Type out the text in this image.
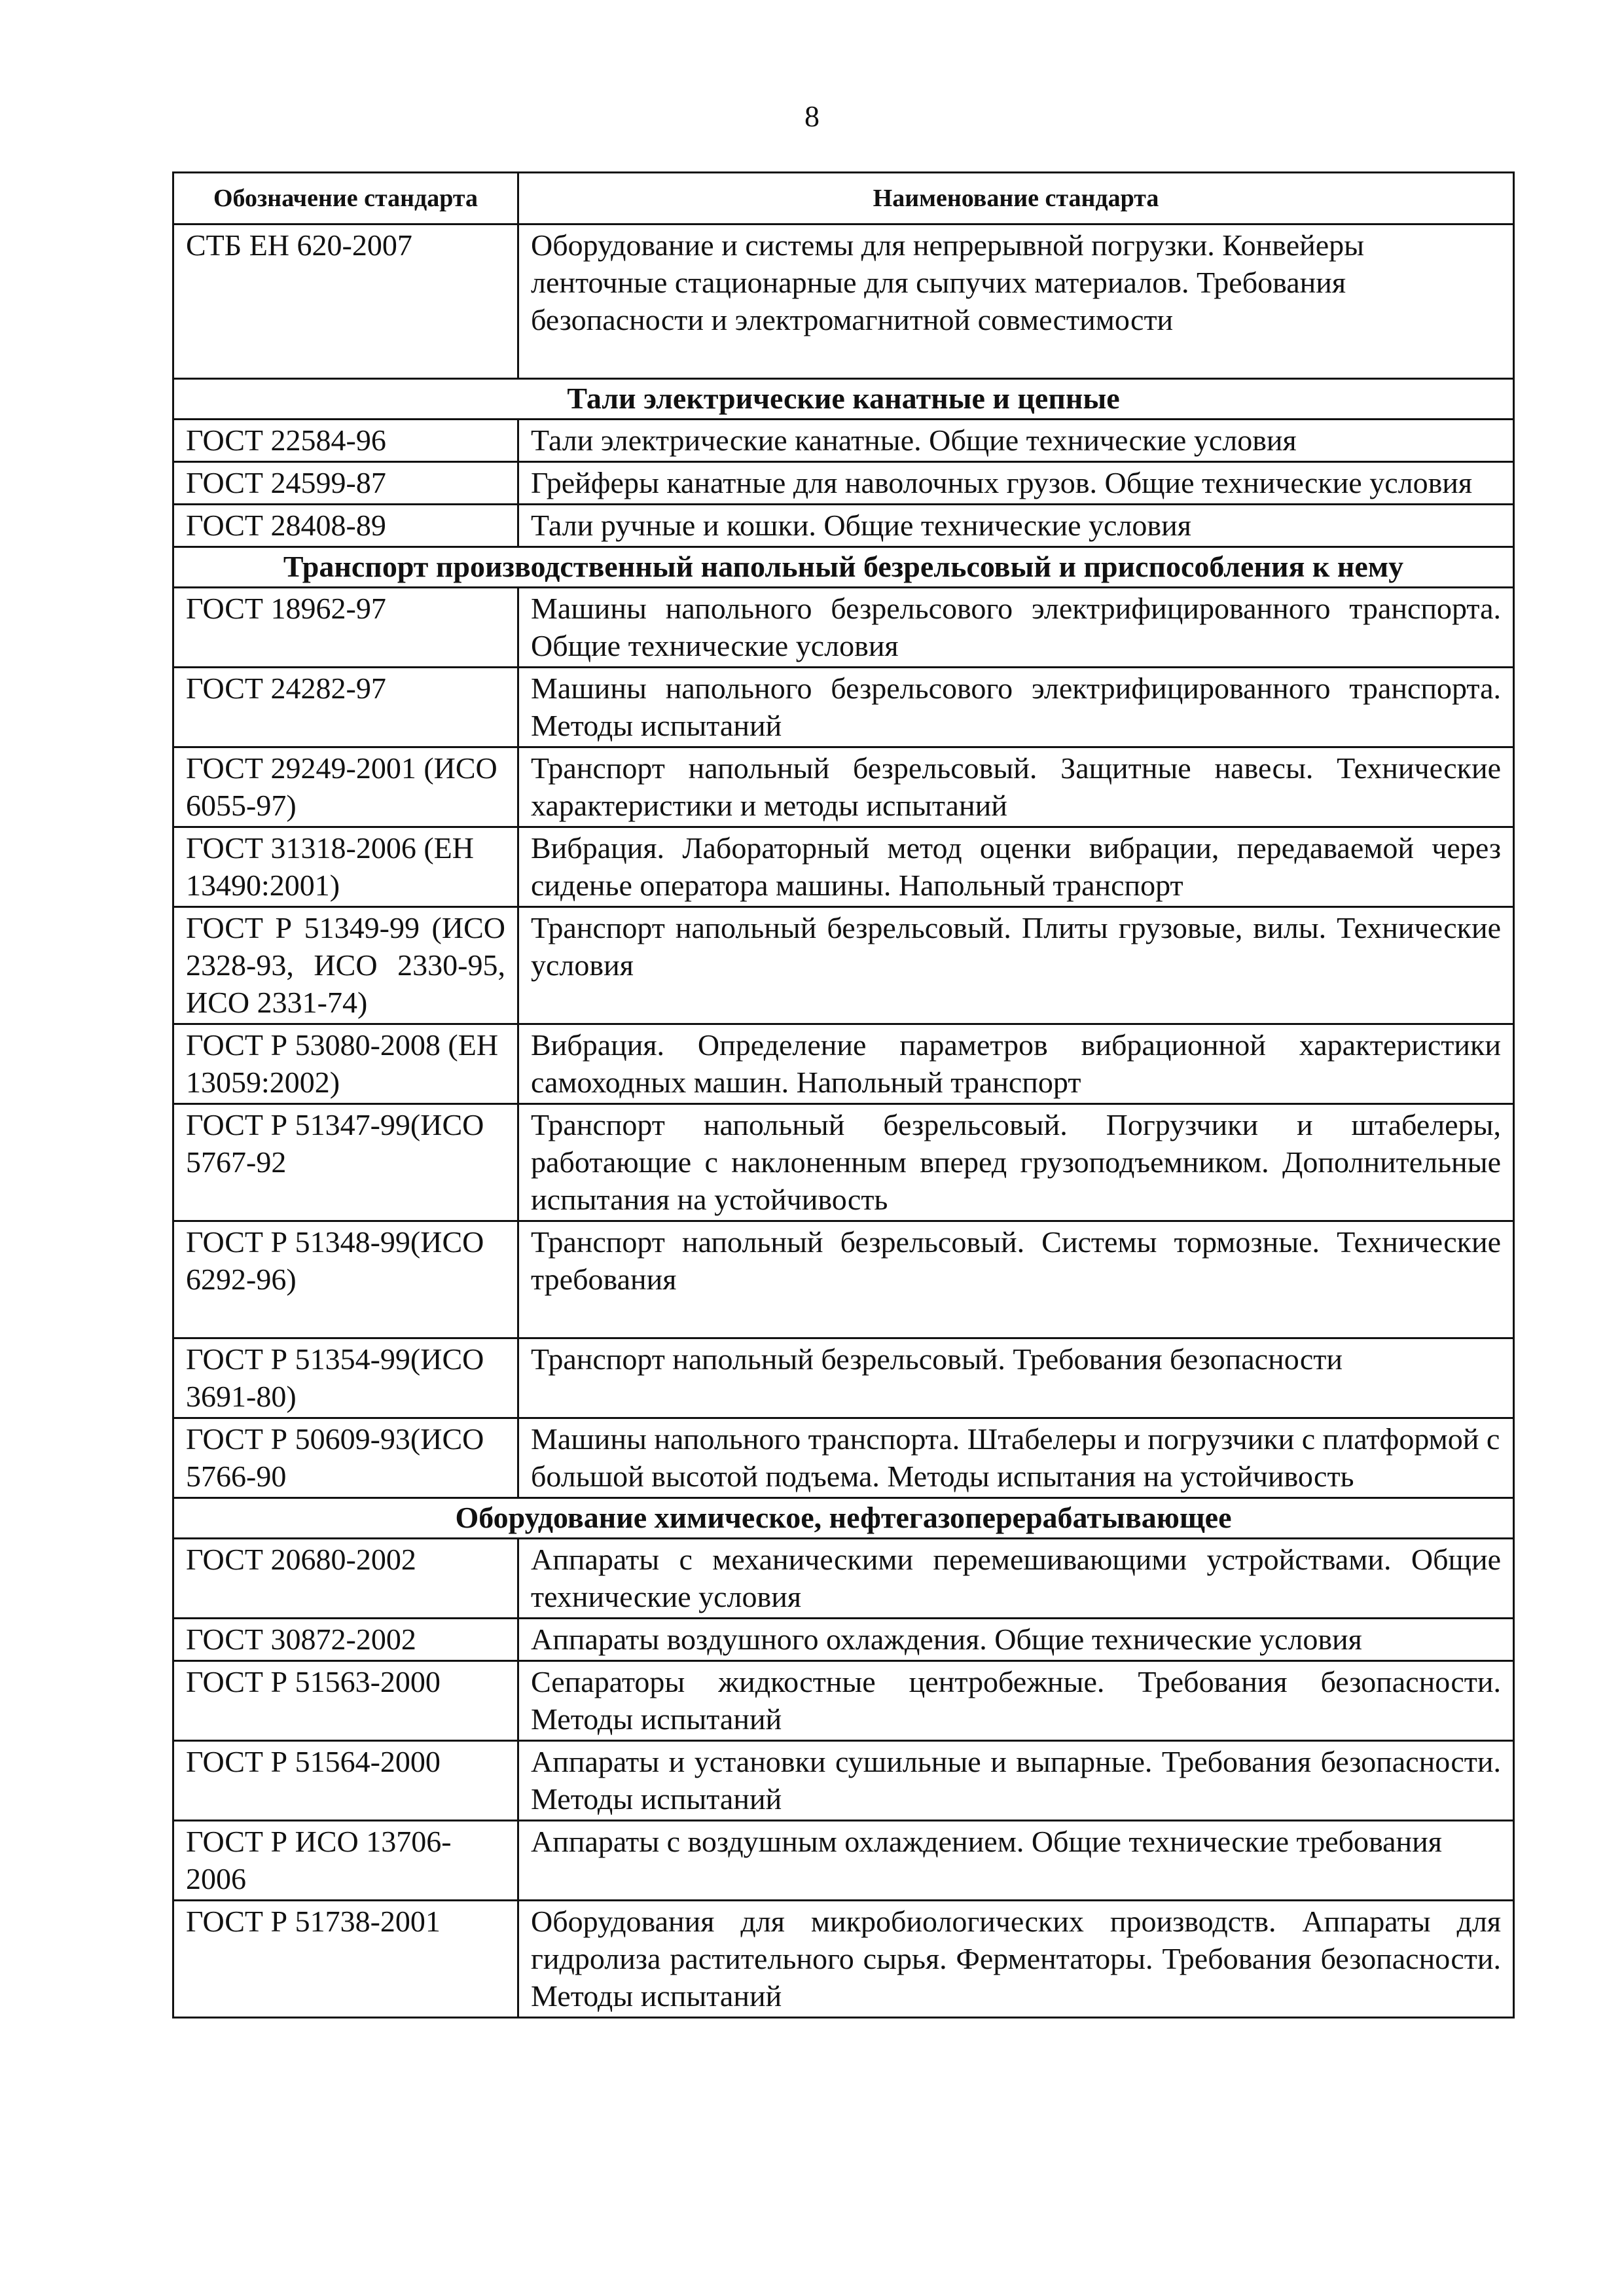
8
Обозначение стандарта	Наименование стандарта
СТБ ЕН 620-2007	Оборудование и системы для непрерывной погрузки. Конвейеры ленточные стационарные для сыпучих материалов. Требования безопасности и электромагнитной совместимости
Тали электрические канатные и цепные	
ГОСТ 22584-96	Тали электрические канатные. Общие технические условия
ГОСТ 24599-87	Грейферы канатные для наволочных грузов. Общие технические условия
ГОСТ 28408-89	Тали ручные и кошки. Общие технические условия
Транспорт производственный напольный безрельсовый и приспособления к нему	
ГОСТ 18962-97	Машины напольного безрельсового электрифицированного транспорта. Общие технические условия
ГОСТ 24282-97	Машины напольного безрельсового электрифицированного транспорта. Методы испытаний
ГОСТ 29249-2001 (ИСО 6055-97)	Транспорт напольный безрельсовый. Защитные навесы. Технические характеристики и методы испытаний
ГОСТ 31318-2006 (ЕН 13490:2001)	Вибрация. Лабораторный метод оценки вибрации, передаваемой через сиденье оператора машины. Напольный транспорт
ГОСТ Р 51349-99 (ИСО 2328-93, ИСО 2330-95, ИСО 2331-74)	Транспорт напольный безрельсовый. Плиты грузовые, вилы. Технические условия
ГОСТ Р 53080-2008 (ЕН 13059:2002)	Вибрация. Определение параметров вибрационной характеристики самоходных машин. Напольный транспорт
ГОСТ Р 51347-99(ИСО 5767-92	Транспорт напольный безрельсовый. Погрузчики и штабелеры, работающие с наклоненным вперед грузоподъемником. Дополнительные испытания на устойчивость
ГОСТ Р 51348-99(ИСО 6292-96)	Транспорт напольный безрельсовый. Системы тормозные. Технические требования
ГОСТ Р 51354-99(ИСО 3691-80)	Транспорт напольный безрельсовый. Требования безопасности
ГОСТ Р 50609-93(ИСО 5766-90	Машины напольного транспорта. Штабелеры и погрузчики с платформой с большой высотой подъема. Методы испытания на устойчивость
Оборудование химическое, нефтегазоперерабатывающее	
ГОСТ 20680-2002	Аппараты с механическими перемешивающими устройствами. Общие технические условия
ГОСТ 30872-2002	Аппараты воздушного охлаждения. Общие технические условия
ГОСТ Р 51563-2000	Сепараторы жидкостные центробежные. Требования безопасности. Методы испытаний
ГОСТ Р 51564-2000	Аппараты и установки сушильные и выпарные. Требования безопасности. Методы испытаний
ГОСТ Р ИСО 13706-2006	Аппараты с воздушным охлаждением. Общие технические требования
ГОСТ Р 51738-2001	Оборудования для микробиологических производств. Аппараты для гидролиза растительного сырья. Ферментаторы. Требования безопасности. Методы испытаний
